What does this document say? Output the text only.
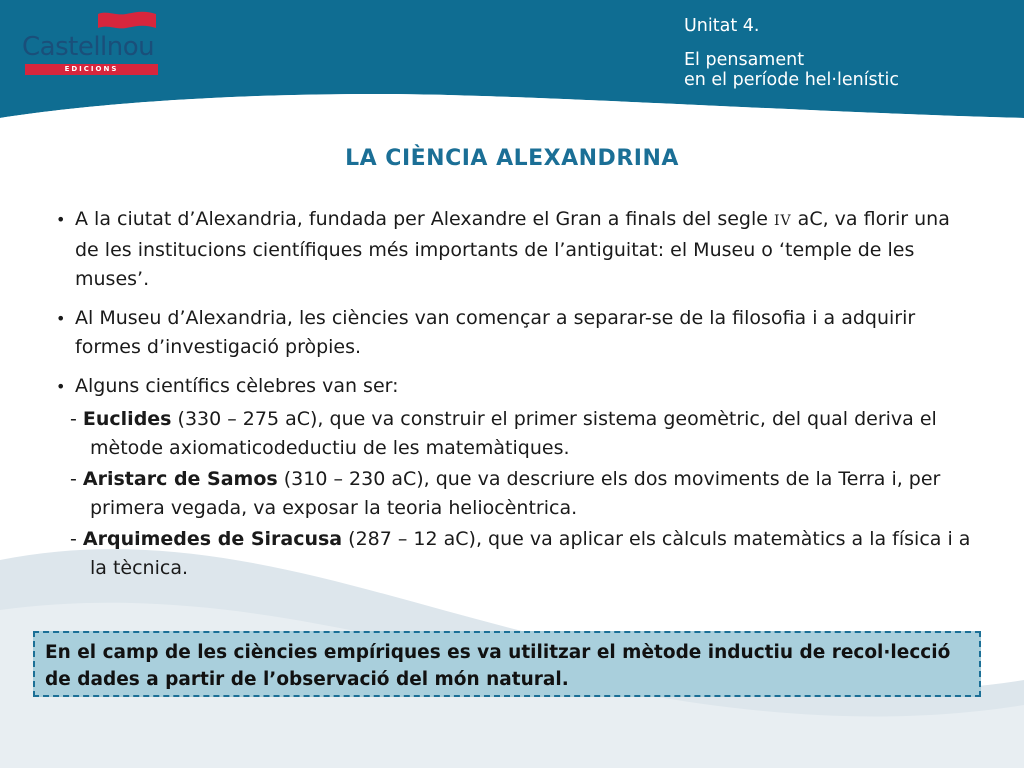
Castellnou
EDICIONS
Unitat 4.
El pensament
en el període hel·lenístic
LA CIÈNCIA ALEXANDRINA
• A la ciutat d’Alexandria, fundada per Alexandre el Gran a finals del segle IV aC, va florir una de les institucions científiques més importants de l’antiguitat: el Museu o ‘temple de les muses’.
• Al Museu d’Alexandria, les ciències van començar a separar-se de la filosofia i a adquirir formes d’investigació pròpies.
• Alguns científics cèlebres van ser:
- Euclides (330 – 275 aC), que va construir el primer sistema geomètric, del qual deriva el mètode axiomaticodeductiu de les matemàtiques.
- Aristarc de Samos (310 – 230 aC), que va descriure els dos moviments de la Terra i, per primera vegada, va exposar la teoria heliocèntrica.
- Arquimedes de Siracusa (287 – 12 aC), que va aplicar els càlculs matemàtics a la física i a la tècnica.
En el camp de les ciències empíriques es va utilitzar el mètode inductiu de recol·lecció de dades a partir de l’observació del món natural.
